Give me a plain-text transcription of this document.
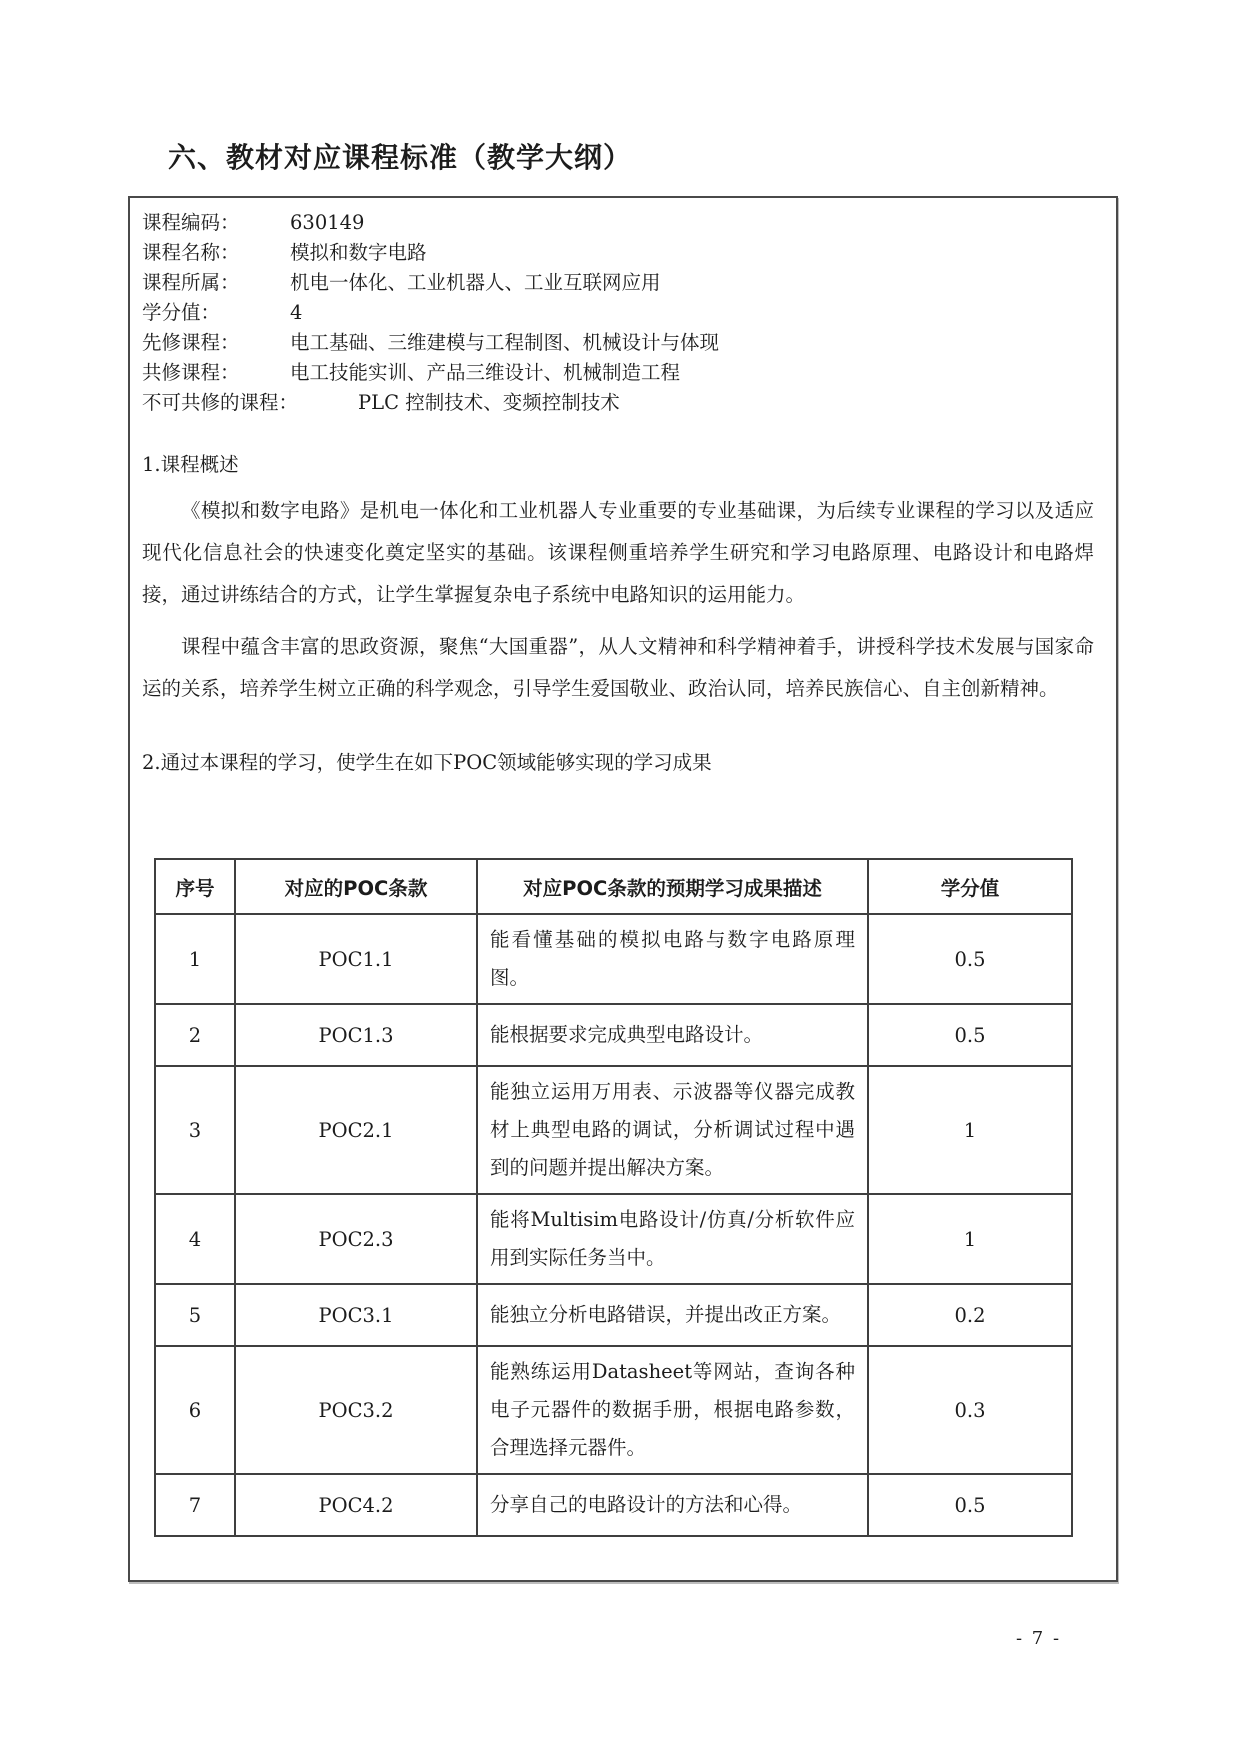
六、教材对应课程标准（教学大纲）
课程编码：	630149
课程名称：	模拟和数字电路
课程所属：	机电一体化、工业机器人、工业互联网应用
学分值：	4
先修课程：	电工基础、三维建模与工程制图、机械设计与体现
共修课程：	电工技能实训、产品三维设计、机械制造工程
不可共修的课程：	PLC 控制技术、变频控制技术
1.课程概述

《模拟和数字电路》是机电一体化和工业机器人专业重要的专业基础课，为后续专业课程的学习以及适应现代化信息社会的快速变化奠定坚实的基础。该课程侧重培养学生研究和学习电路原理、电路设计和电路焊接，通过讲练结合的方式，让学生掌握复杂电子系统中电路知识的运用能力。

课程中蕴含丰富的思政资源，聚焦“大国重器”，从人文精神和科学精神着手，讲授科学技术发展与国家命运的关系，培养学生树立正确的科学观念，引导学生爱国敬业、政治认同，培养民族信心、自主创新精神。

2.通过本课程的学习，使学生在如下POC领域能够实现的学习成果
序号	对应的POC条款	对应POC条款的预期学习成果描述	学分值
1	POC1.1	能看懂基础的模拟电路与数字电路原理图。	0.5
2	POC1.3	能根据要求完成典型电路设计。	0.5
3	POC2.1	能独立运用万用表、示波器等仪器完成教材上典型电路的调试，分析调试过程中遇到的问题并提出解决方案。	1
4	POC2.3	能将Multisim电路设计/仿真/分析软件应用到实际任务当中。	1
5	POC3.1	能独立分析电路错误，并提出改正方案。	0.2
6	POC3.2	能熟练运用Datasheet等网站，查询各种电子元器件的数据手册，根据电路参数，合理选择元器件。	0.3
7	POC4.2	分享自己的电路设计的方法和心得。	0.5
- 7 -
